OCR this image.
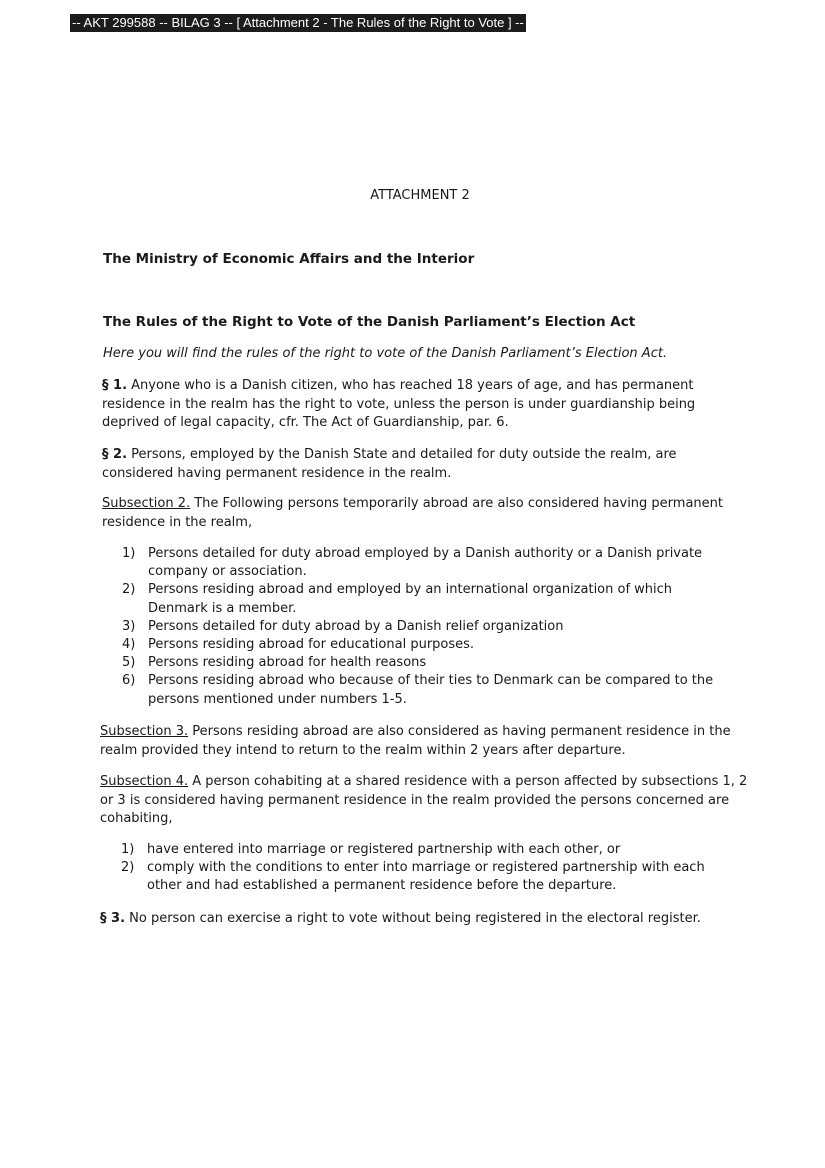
-- AKT 299588 -- BILAG 3 -- [ Attachment 2 - The Rules of the Right to Vote ] --
ATTACHMENT 2
The Ministry of Economic Affairs and the Interior
The Rules of the Right to Vote of the Danish Parliament’s Election Act
Here you will find the rules of the right to vote of the Danish Parliament’s Election Act.
§ 1. Anyone who is a Danish citizen, who has reached 18 years of age, and has permanent residence in the realm has the right to vote, unless the person is under guardianship being deprived of legal capacity, cfr. The Act of Guardianship, par. 6.
§ 2. Persons, employed by the Danish State and detailed for duty outside the realm, are considered having permanent residence in the realm.
Subsection 2. The Following persons temporarily abroad are also considered having permanent residence in the realm,
1) Persons detailed for duty abroad employed by a Danish authority or a Danish private company or association.
2) Persons residing abroad and employed by an international organization of which Denmark is a member.
3) Persons detailed for duty abroad by a Danish relief organization
4) Persons residing abroad for educational purposes.
5) Persons residing abroad for health reasons
6) Persons residing abroad who because of their ties to Denmark can be compared to the persons mentioned under numbers 1-5.
Subsection 3. Persons residing abroad are also considered as having permanent residence in the realm provided they intend to return to the realm within 2 years after departure.
Subsection 4. A person cohabiting at a shared residence with a person affected by subsections 1, 2 or 3 is considered having permanent residence in the realm provided the persons concerned are cohabiting,
1) have entered into marriage or registered partnership with each other, or
2) comply with the conditions to enter into marriage or registered partnership with each other and had established a permanent residence before the departure.
§ 3. No person can exercise a right to vote without being registered in the electoral register.
